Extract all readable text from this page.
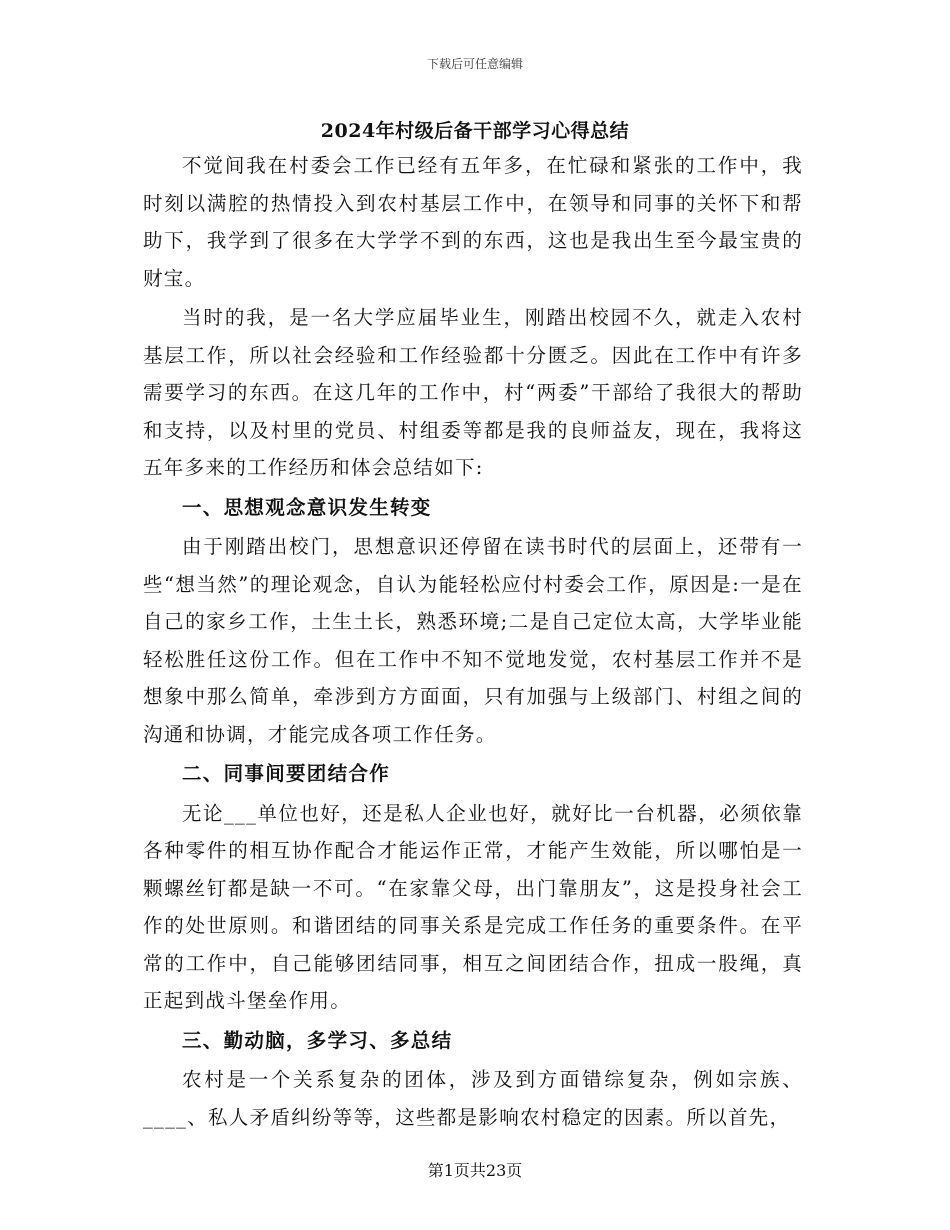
下载后可任意编辑
2024年村级后备干部学习心得总结

不觉间我在村委会工作已经有五年多，在忙碌和紧张的工作中，我时刻以满腔的热情投入到农村基层工作中，在领导和同事的关怀下和帮助下，我学到了很多在大学学不到的东西，这也是我出生至今最宝贵的财宝。

当时的我，是一名大学应届毕业生，刚踏出校园不久，就走入农村基层工作，所以社会经验和工作经验都十分匮乏。因此在工作中有许多需要学习的东西。在这几年的工作中，村“两委”干部给了我很大的帮助和支持，以及村里的党员、村组委等都是我的良师益友，现在，我将这五年多来的工作经历和体会总结如下:

一、思想观念意识发生转变

由于刚踏出校门，思想意识还停留在读书时代的层面上，还带有一些“想当然”的理论观念，自认为能轻松应付村委会工作，原因是:一是在自己的家乡工作，土生土长，熟悉环境;二是自己定位太高，大学毕业能轻松胜任这份工作。但在工作中不知不觉地发觉，农村基层工作并不是想象中那么简单，牵涉到方方面面，只有加强与上级部门、村组之间的沟通和协调，才能完成各项工作任务。

二、同事间要团结合作

无论___单位也好，还是私人企业也好，就好比一台机器，必须依靠各种零件的相互协作配合才能运作正常，才能产生效能，所以哪怕是一颗螺丝钉都是缺一不可。“在家靠父母，出门靠朋友”，这是投身社会工作的处世原则。和谐团结的同事关系是完成工作任务的重要条件。在平常的工作中，自己能够团结同事，相互之间团结合作，扭成一股绳，真正起到战斗堡垒作用。

三、勤动脑，多学习、多总结

农村是一个关系复杂的团体，涉及到方面错综复杂，例如宗族、____、私人矛盾纠纷等等，这些都是影响农村稳定的因素。所以首先，

第1页共23页
